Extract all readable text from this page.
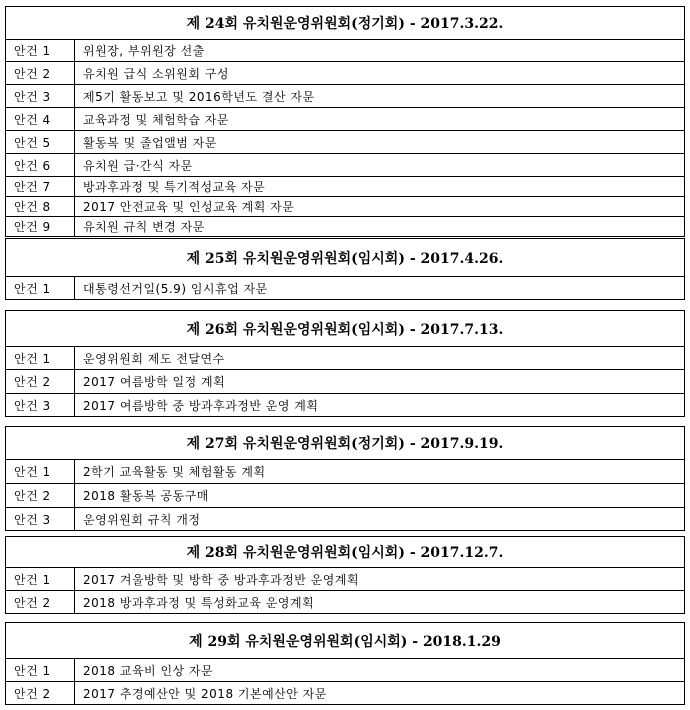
제 24회 유치원운영위원회(정기회) - 2017.3.22.
안건 1	위원장, 부위원장 선출
안건 2	유치원 급식 소위원회 구성
안건 3	제5기 활동보고 및 2016학년도 결산 자문
안건 4	교육과정 및 체험학습 자문
안건 5	활동복 및 졸업앨범 자문
안건 6	유치원 급·간식 자문
안건 7	방과후과정 및 특기적성교육 자문
안건 8	2017 안전교육 및 인성교육 계획 자문
안건 9	유치원 규칙 변경 자문
제 25회 유치원운영위원회(임시회) - 2017.4.26.
안건 1	대통령선거일(5.9) 임시휴업 자문
제 26회 유치원운영위원회(임시회) - 2017.7.13.
안건 1	운영위원회 제도 전달연수
안건 2	2017 여름방학 일정 계획
안건 3	2017 여름방학 중 방과후과정반 운영 계획
제 27회 유치원운영위원회(정기회) - 2017.9.19.
안건 1	2학기 교육활동 및 체험활동 계획
안건 2	2018 활동복 공동구매
안건 3	운영위원회 규칙 개정
제 28회 유치원운영위원회(임시회) - 2017.12.7.
안건 1	2017 겨울방학 및 방학 중 방과후과정반 운영계획
안건 2	2018 방과후과정 및 특성화교육 운영계획
제 29회 유치원운영위원회(임시회) - 2018.1.29
안건 1	2018 교육비 인상 자문
안건 2	2017 추경예산안 및 2018 기본예산안 자문
